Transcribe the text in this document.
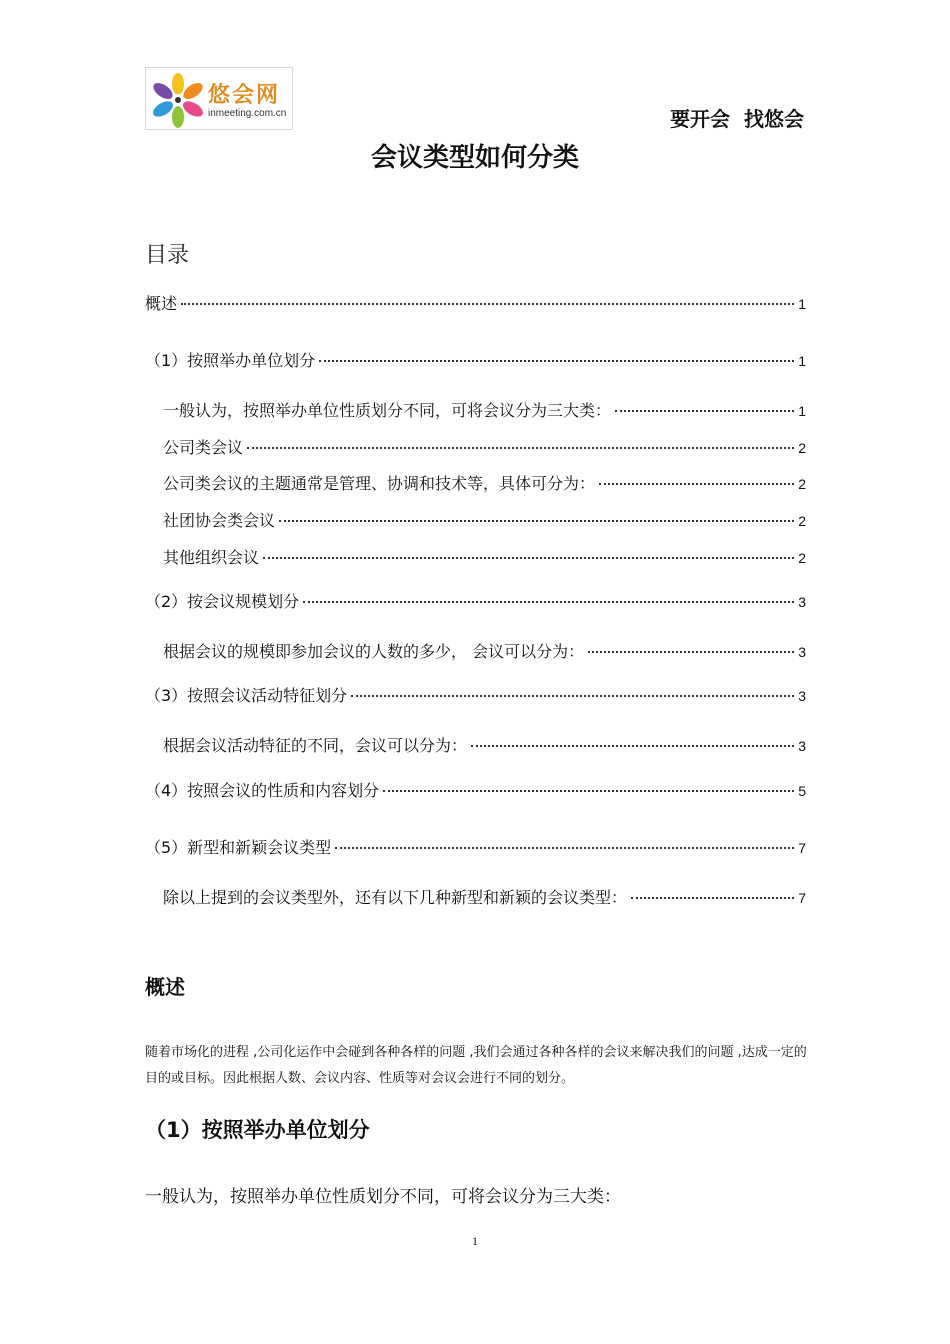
悠会网
inmeeting.com.cn	要开会  找悠会
会议类型如何分类
目录
概述	1
（1）按照举办单位划分	1
一般认为，按照举办单位性质划分不同，可将会议分为三大类：	1
公司类会议	2
公司类会议的主题通常是管理、协调和技术等，具体可分为：	2
社团协会类会议	2
其他组织会议	2
（2）按会议规模划分	3
根据会议的规模即参加会议的人数的多少， 会议可以分为：	3
（3）按照会议活动特征划分	3
根据会议活动特征的不同，会议可以分为：	3
（4）按照会议的性质和内容划分	5
（5）新型和新颖会议类型	7
除以上提到的会议类型外，还有以下几种新型和新颖的会议类型：	7
概述
随着市场化的进程 ,公司化运作中会碰到各种各样的问题 ,我们会通过各种各样的会议来解决我们的问题 ,达成一定的目的或目标。因此根据人数、会议内容、性质等对会议会进行不同的划分。
（1）按照举办单位划分
一般认为，按照举办单位性质划分不同，可将会议分为三大类：
1
